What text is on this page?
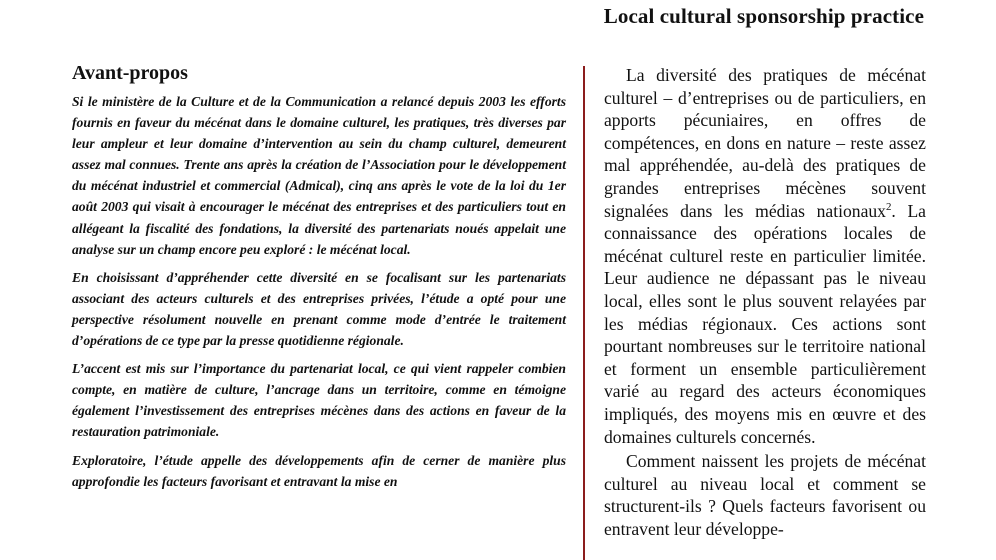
Local cultural sponsorship practice
Avant-propos

Si le ministère de la Culture et de la Communication a relancé depuis 2003 les efforts fournis en faveur du mécénat dans le domaine culturel, les pratiques, très diverses par leur ampleur et leur domaine d’intervention au sein du champ culturel, demeurent assez mal connues. Trente ans après la création de l’Association pour le développement du mécénat industriel et commercial (Admical), cinq ans après le vote de la loi du 1er août 2003 qui visait à encourager le mécénat des entreprises et des particuliers tout en allégeant la fiscalité des fondations, la diversité des partenariats noués appelait une analyse sur un champ encore peu exploré : le mécénat local.

En choisissant d’appréhender cette diversité en se focalisant sur les partenariats associant des acteurs culturels et des entreprises privées, l’étude a opté pour une perspective résolument nouvelle en prenant comme mode d’entrée le traitement d’opérations de ce type par la presse quotidienne régionale.

L’accent est mis sur l’importance du partenariat local, ce qui vient rappeler combien compte, en matière de culture, l’ancrage dans un territoire, comme en témoigne également l’investissement des entreprises mécènes dans des actions en faveur de la restauration patrimoniale.

Exploratoire, l’étude appelle des développements afin de cerner de manière plus approfondie les facteurs favorisant et entravant la mise en

La diversité des pratiques de mécénat culturel – d’entreprises ou de particuliers, en apports pécuniaires, en offres de compétences, en dons en nature – reste assez mal appréhendée, au-delà des pratiques de grandes entreprises mécènes souvent signalées dans les médias nationaux$^2$. La connaissance des opérations locales de mécénat culturel reste en particulier limitée. Leur audience ne dépassant pas le niveau local, elles sont le plus souvent relayées par les médias régionaux. Ces actions sont pourtant nombreuses sur le territoire national et forment un ensemble particulièrement varié au regard des acteurs économiques impliqués, des moyens mis en œuvre et des domaines culturels concernés.

Comment naissent les projets de mécénat culturel au niveau local et comment se structurent-ils ? Quels facteurs favorisent ou entravent leur développe-
